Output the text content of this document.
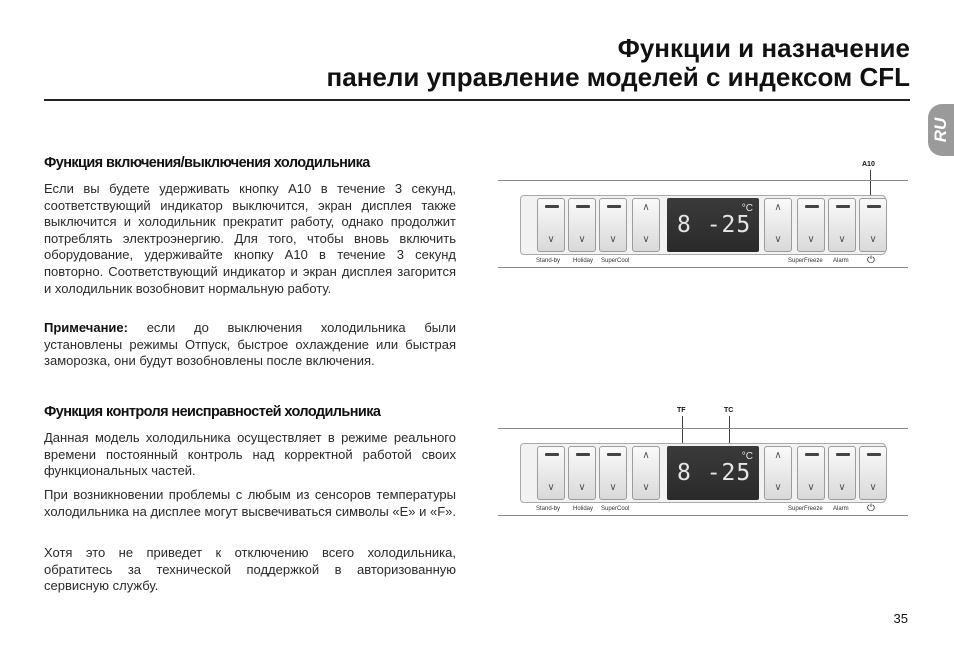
Функции и назначение
панели управление моделей с индексом CFL
RU
Функция включения/выключения холодильника

Если вы будете удерживать кнопку A10 в течение 3 секунд, соответствующий индикатор выключится, экран дисплея также выключится и холодильник прекратит работу, однако продолжит потреблять электроэнергию. Для того, чтобы вновь включить оборудование, удерживайте кнопку A10 в течение 3 секунд повторно. Соответствующий индикатор и экран дисплея загорится и холодильник возобновит нормальную работу.

Примечание: если до выключения холодильника были установлены режимы Отпуск, быстрое охлаждение или быстрая заморозка, они будут возобновлены после включения.

Функция контроля неисправностей холодильника

Данная модель холодильника осуществляет в режиме реального времени постоянный контроль над корректной работой своих функциональных частей.

При возникновении проблемы с любым из сенсоров температуры холодильника на дисплее могут высвечиваться символы «E» и «F».

Хотя это не приведет к отключению всего холодильника, обратитесь за технической поддержкой в авторизованную сервисную службу.

A10
∨	∨	∨
∧
∨
8 -25
°C	∧
∨	∨	∨	∨
Stand-by Holiday SuperCool	SuperFreeze Alarm ⏻
TF	TC
∨	∨	∨
∧
∨
8 -25
°C	∧
∨	∨	∨	∨
Stand-by Holiday SuperCool	SuperFreeze Alarm ⏻
35
